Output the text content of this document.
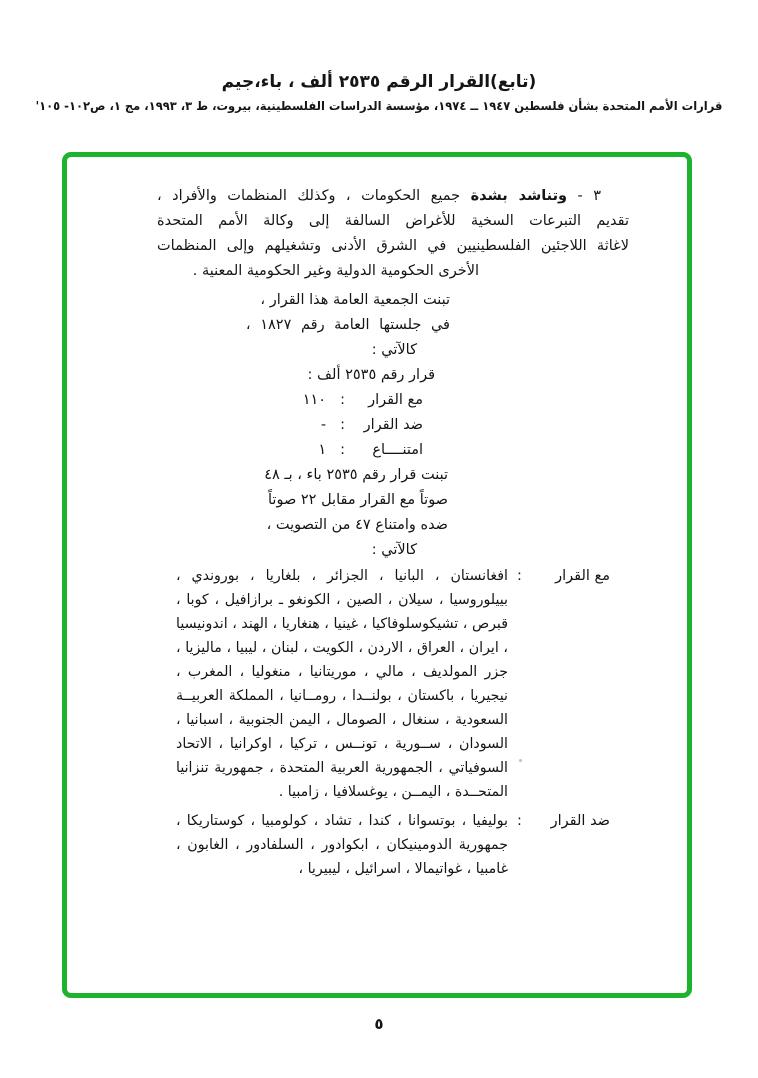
(تابع)القرار الرقم ٢٥٣٥ ألف ، باء،جيم
قرارات الأمم المتحدة بشأن فلسطين ١٩٤٧ ــ ١٩٧٤، مؤسسة الدراسات الفلسطينية، بيروت، ط ٣، ١٩٩٣، مج ١، ص١٠٢- ١٠٥'
٣ - وتناشد بشدة جميع الحكومات ، وكذلك المنظمات والأفراد ،
تقديم التبرعات السخية للأغراض السالفة إلى وكالة الأمم المتحدة
لاغاثة اللاجئين الفلسطينيين في الشرق الأدنى وتشغيلهم وإلى المنظمات
الأخرى الحكومية الدولية وغير الحكومية المعنية .
تبنت الجمعية العامة هذا القرار ،
في جلستها العامة رقم ١٨٢٧ ،
كالآتي :
قرار رقم ٢٥٣٥ ألف :
مع القرار
:
١١٠
ضد القرار
:
-
امتنــــاع
:
١
تبنت قرار رقم ٢٥٣٥ باء ، بـ ٤٨
صوتاً مع القرار مقابل ٢٢ صوتاً
ضده وامتناع ٤٧ من التصويت ،
كالآتي :
مع القرار
:
افغانستان ، البانيا ، الجزائر ، بلغاريا ، بوروندي ، بييلوروسيا ، سيلان ، الصين ، الكونغو ـ برازافيل ، كوبا ، قبرص ، تشيكوسلوفاكيا ، غينيا ، هنغاريا ، الهند ، اندونيسيا ، ايران ، العراق ، الاردن ، الكويت ، لبنان ، ليبيا ، ماليزيا ، جزر المولديف ، مالي ، موريتانيا ، منغوليا ، المغرب ، نيجيريا ، باكستان ، بولنــدا ، رومــانيا ، المملكة العربيــة السعودية ، سنغال ، الصومال ، اليمن الجنوبية ، اسبانيا ، السودان ، ســورية ، تونــس ، تركيا ، اوكرانيا ، الاتحاد السوفياتي ، الجمهورية العربية المتحدة ، جمهورية تنزانيا المتحــدة ، اليمــن ، يوغسلافيا ، زامبيا .
ضد القرار
:
بوليفيا ، بوتسوانا ، كندا ، تشاد ، كولومبيا ، كوستاريكا ، جمهورية الدومينيكان ، ابكوادور ، السلفادور ، الغابون ، غامبيا ، غواتيمالا ، اسرائيل ، ليبيريا ،
٥
